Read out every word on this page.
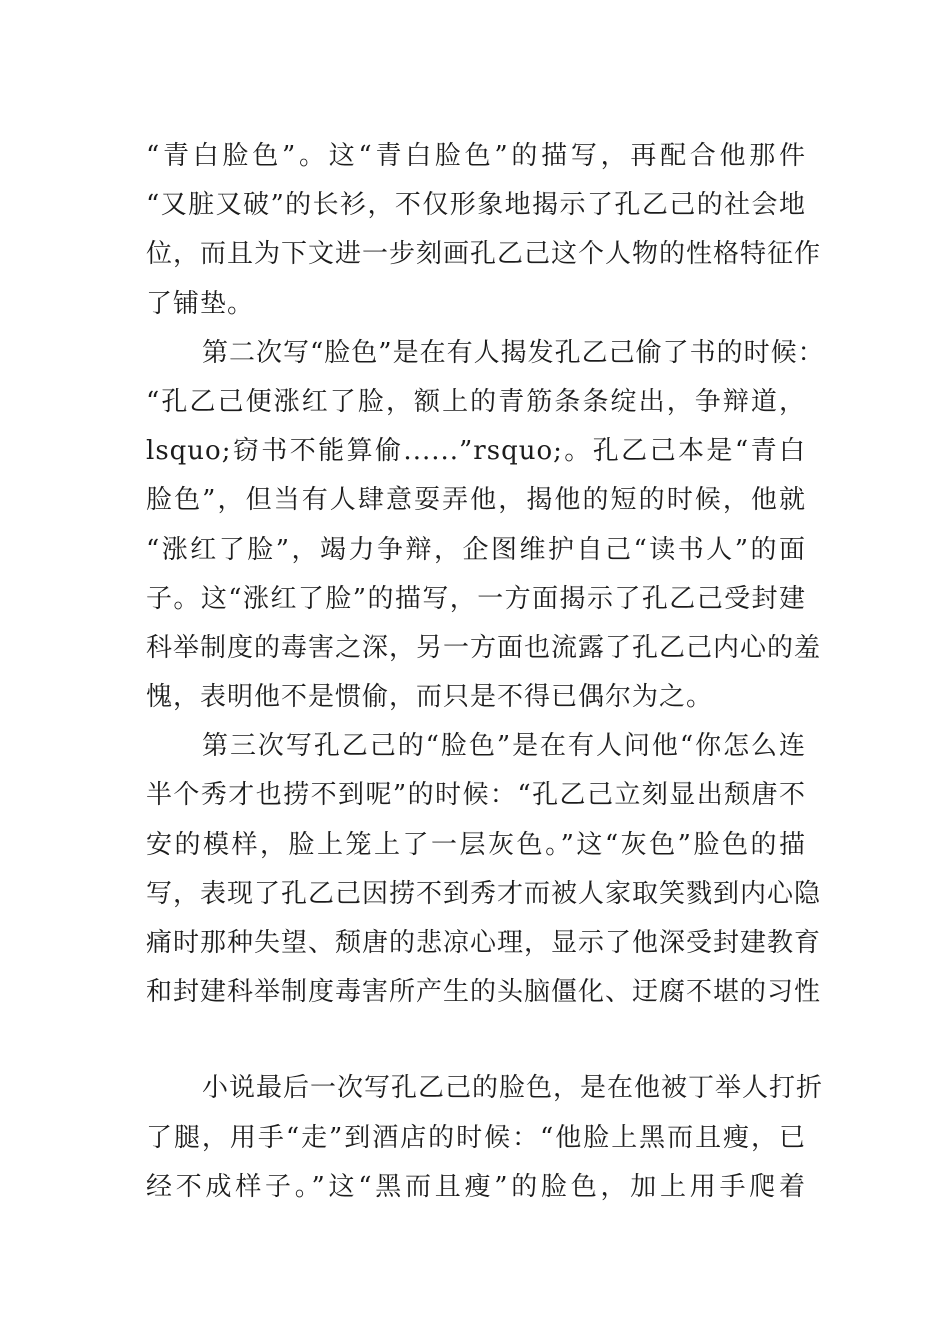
“青白脸色”。这“青白脸色”的描写，再配合他那件
“又脏又破”的长衫，不仅形象地揭示了孔乙己的社会地
位，而且为下文进一步刻画孔乙己这个人物的性格特征作
了铺垫。
第二次写“脸色”是在有人揭发孔乙己偷了书的时候：
“孔乙己便涨红了脸，额上的青筋条条绽出，争辩道，
lsquo;窃书不能算偷......”rsquo;。孔乙己本是“青白
脸色”，但当有人肆意耍弄他，揭他的短的时候，他就
“涨红了脸”，竭力争辩，企图维护自己“读书人”的面
子。这“涨红了脸”的描写，一方面揭示了孔乙己受封建
科举制度的毒害之深，另一方面也流露了孔乙己内心的羞
愧，表明他不是惯偷，而只是不得已偶尔为之。
第三次写孔乙己的“脸色”是在有人问他“你怎么连
半个秀才也捞不到呢”的时候：“孔乙己立刻显出颓唐不
安的模样，脸上笼上了一层灰色。”这“灰色”脸色的描
写，表现了孔乙己因捞不到秀才而被人家取笑戮到内心隐
痛时那种失望、颓唐的悲凉心理，显示了他深受封建教育
和封建科举制度毒害所产生的头脑僵化、迂腐不堪的习性
小说最后一次写孔乙己的脸色，是在他被丁举人打折
了腿，用手“走”到酒店的时候：“他脸上黑而且瘦，已
经不成样子。”这“黑而且瘦”的脸色，加上用手爬着
